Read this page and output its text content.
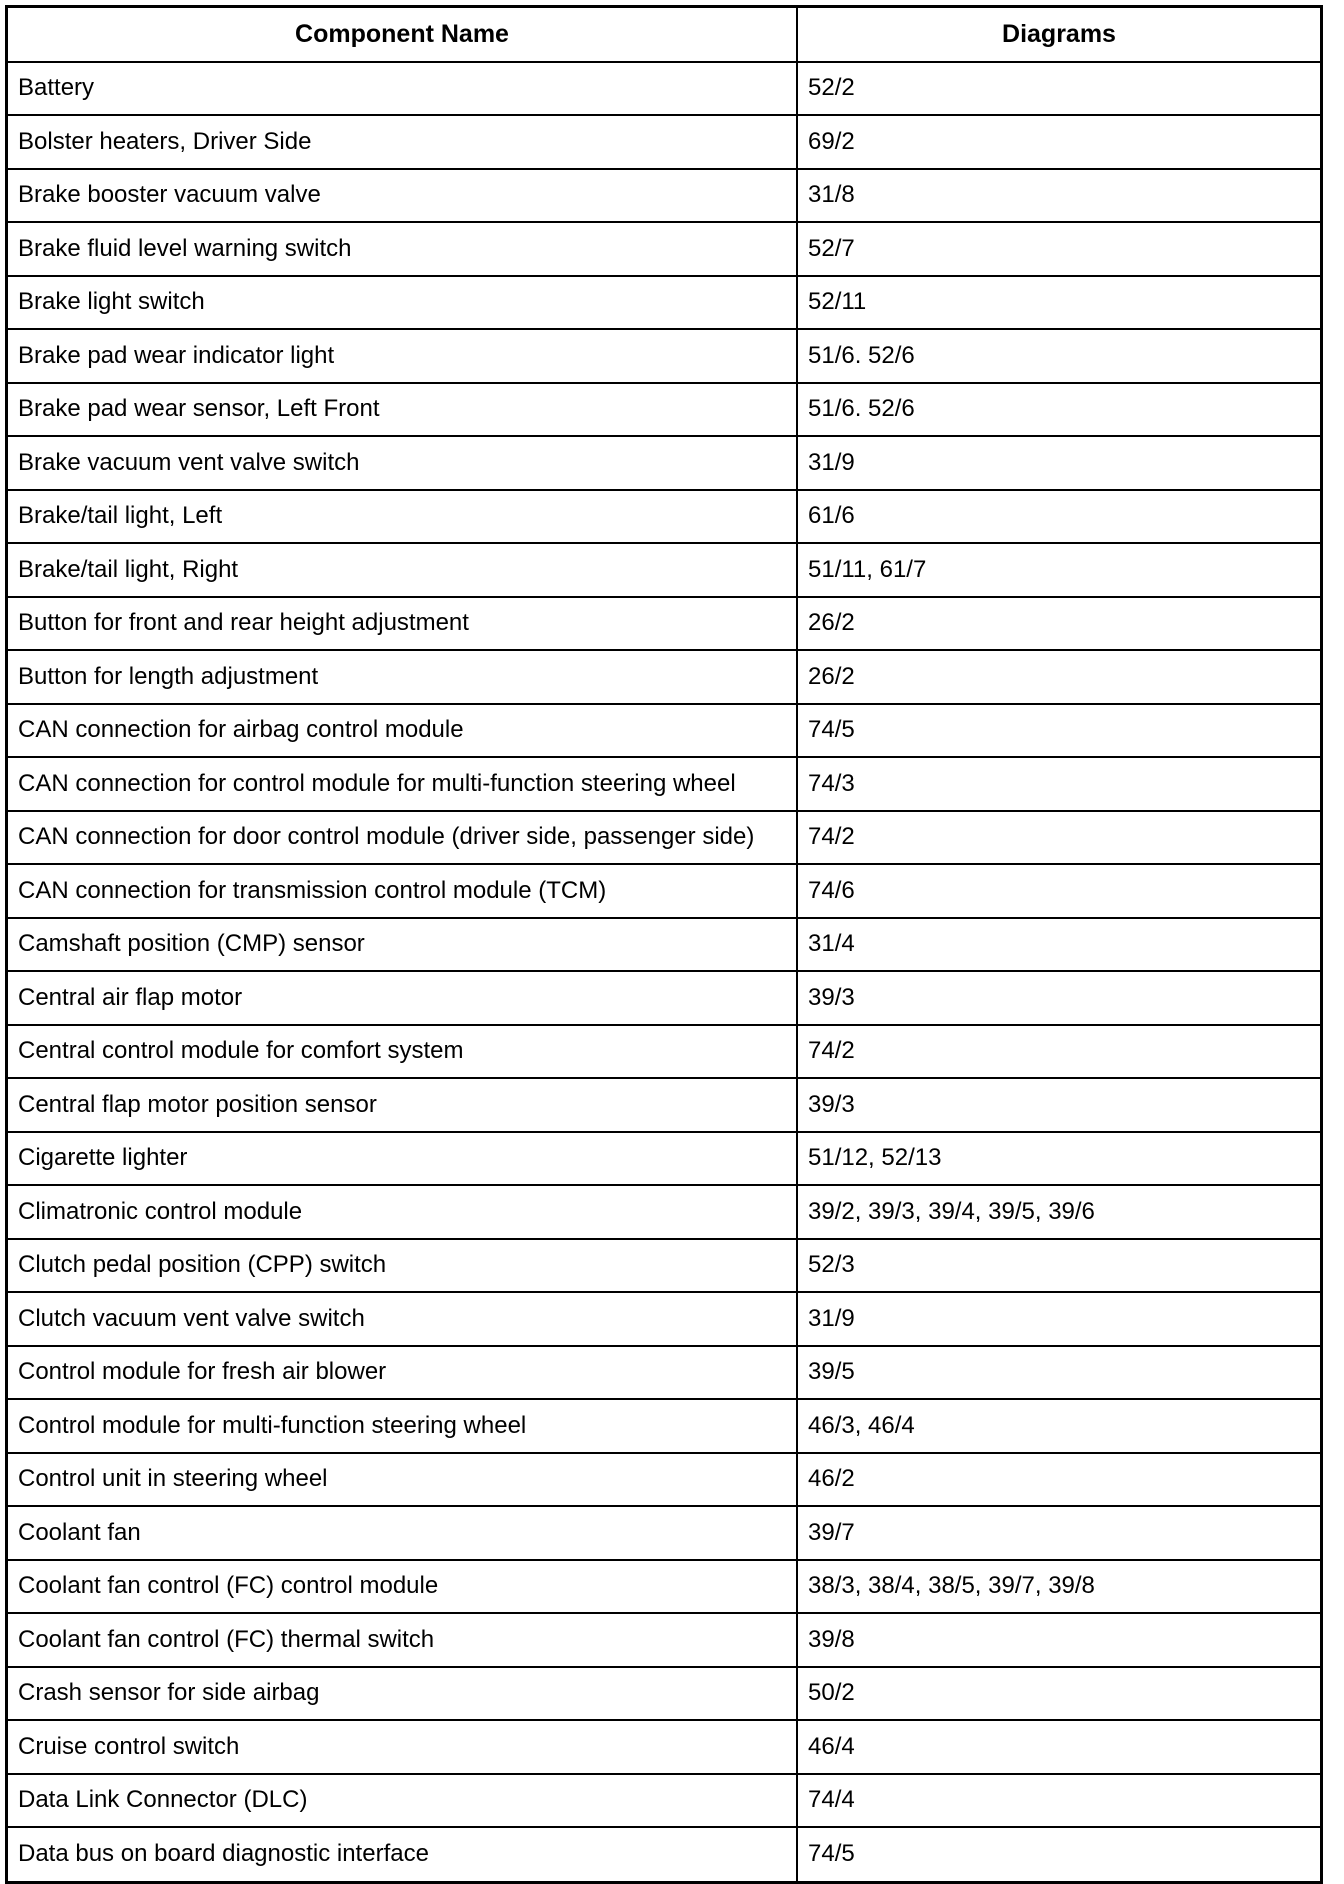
Component Name	Diagrams
Battery	52/2
Bolster heaters, Driver Side	69/2
Brake booster vacuum valve	31/8
Brake fluid level warning switch	52/7
Brake light switch	52/11
Brake pad wear indicator light	51/6. 52/6
Brake pad wear sensor, Left Front	51/6. 52/6
Brake vacuum vent valve switch	31/9
Brake/tail light, Left	61/6
Brake/tail light, Right	51/11, 61/7
Button for front and rear height adjustment	26/2
Button for length adjustment	26/2
CAN connection for airbag control module	74/5
CAN connection for control module for multi-function steering wheel	74/3
CAN connection for door control module (driver side, passenger side)	74/2
CAN connection for transmission control module (TCM)	74/6
Camshaft position (CMP) sensor	31/4
Central air flap motor	39/3
Central control module for comfort system	74/2
Central flap motor position sensor	39/3
Cigarette lighter	51/12, 52/13
Climatronic control module	39/2, 39/3, 39/4, 39/5, 39/6
Clutch pedal position (CPP) switch	52/3
Clutch vacuum vent valve switch	31/9
Control module for fresh air blower	39/5
Control module for multi-function steering wheel	46/3, 46/4
Control unit in steering wheel	46/2
Coolant fan	39/7
Coolant fan control (FC) control module	38/3, 38/4, 38/5, 39/7, 39/8
Coolant fan control (FC) thermal switch	39/8
Crash sensor for side airbag	50/2
Cruise control switch	46/4
Data Link Connector (DLC)	74/4
Data bus on board diagnostic interface	74/5
